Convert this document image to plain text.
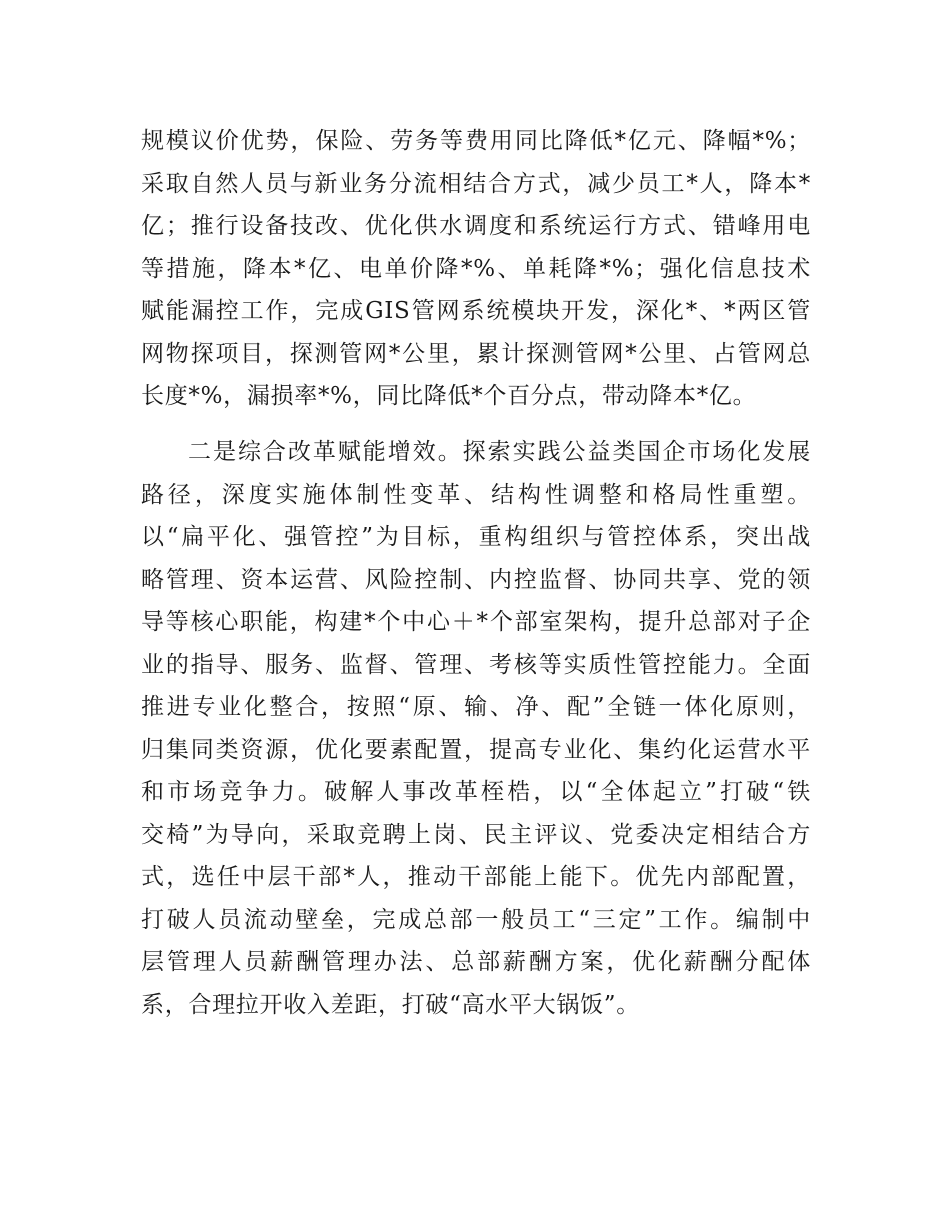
规模议价优势，保险、劳务等费用同比降低*亿元、降幅*%；
采取自然人员与新业务分流相结合方式，减少员工*人，降本*
亿；推行设备技改、优化供水调度和系统运行方式、错峰用电
等措施，降本*亿、电单价降*%、单耗降*%；强化信息技术
赋能漏控工作，完成GIS管网系统模块开发，深化*、*两区管
网物探项目，探测管网*公里，累计探测管网*公里、占管网总
长度*%，漏损率*%，同比降低*个百分点，带动降本*亿。
二是综合改革赋能增效。探索实践公益类国企市场化发展
路径，深度实施体制性变革、结构性调整和格局性重塑。
以“扁平化、强管控”为目标，重构组织与管控体系，突出战
略管理、资本运营、风险控制、内控监督、协同共享、党的领
导等核心职能，构建*个中心＋*个部室架构，提升总部对子企
业的指导、服务、监督、管理、考核等实质性管控能力。全面
推进专业化整合，按照“原、输、净、配”全链一体化原则，
归集同类资源，优化要素配置，提高专业化、集约化运营水平
和市场竞争力。破解人事改革桎梏，以“全体起立”打破“铁
交椅”为导向，采取竞聘上岗、民主评议、党委决定相结合方
式，选任中层干部*人，推动干部能上能下。优先内部配置，
打破人员流动壁垒，完成总部一般员工“三定”工作。编制中
层管理人员薪酬管理办法、总部薪酬方案，优化薪酬分配体
系，合理拉开收入差距，打破“高水平大锅饭”。
